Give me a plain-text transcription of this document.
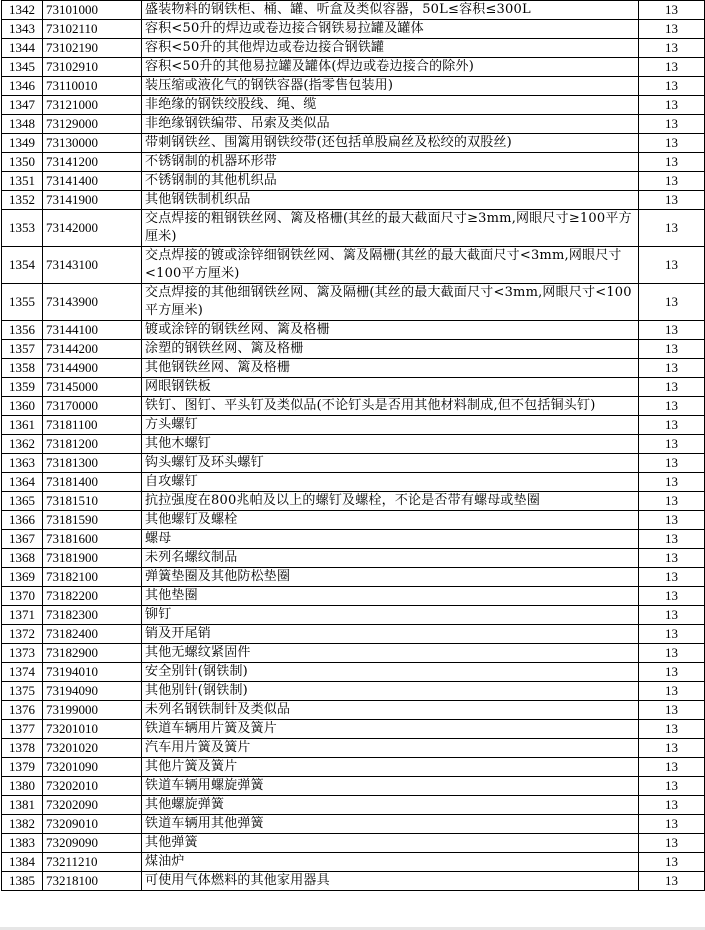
1342	73101000	盛装物料的钢铁柜、桶、罐、听盒及类似容器，50L≤容积≤300L	13
1343	73102110	容积<50升的焊边或卷边接合钢铁易拉罐及罐体	13
1344	73102190	容积<50升的其他焊边或卷边接合钢铁罐	13
1345	73102910	容积<50升的其他易拉罐及罐体(焊边或卷边接合的除外)	13
1346	73110010	装压缩或液化气的钢铁容器(指零售包装用)	13
1347	73121000	非绝缘的钢铁绞股线、绳、缆	13
1348	73129000	非绝缘钢铁编带、吊索及类似品	13
1349	73130000	带刺钢铁丝、围篱用钢铁绞带(还包括单股扁丝及松绞的双股丝)	13
1350	73141200	不锈钢制的机器环形带	13
1351	73141400	不锈钢制的其他机织品	13
1352	73141900	其他钢铁制机织品	13
1353	73142000	交点焊接的粗钢铁丝网、篱及格栅(其丝的最大截面尺寸≥3mm,网眼尺寸≥100平方厘米)	13
1354	73143100	交点焊接的镀或涂锌细钢铁丝网、篱及隔栅(其丝的最大截面尺寸<3mm,网眼尺寸<100平方厘米)	13
1355	73143900	交点焊接的其他细钢铁丝网、篱及隔栅(其丝的最大截面尺寸<3mm,网眼尺寸<100平方厘米)	13
1356	73144100	镀或涂锌的钢铁丝网、篱及格栅	13
1357	73144200	涂塑的钢铁丝网、篱及格栅	13
1358	73144900	其他钢铁丝网、篱及格栅	13
1359	73145000	网眼钢铁板	13
1360	73170000	铁钉、图钉、平头钉及类似品(不论钉头是否用其他材料制成,但不包括铜头钉)	13
1361	73181100	方头螺钉	13
1362	73181200	其他木螺钉	13
1363	73181300	钩头螺钉及环头螺钉	13
1364	73181400	自攻螺钉	13
1365	73181510	抗拉强度在800兆帕及以上的螺钉及螺栓，不论是否带有螺母或垫圈	13
1366	73181590	其他螺钉及螺栓	13
1367	73181600	螺母	13
1368	73181900	未列名螺纹制品	13
1369	73182100	弹簧垫圈及其他防松垫圈	13
1370	73182200	其他垫圈	13
1371	73182300	铆钉	13
1372	73182400	销及开尾销	13
1373	73182900	其他无螺纹紧固件	13
1374	73194010	安全别针(钢铁制)	13
1375	73194090	其他别针(钢铁制)	13
1376	73199000	未列名钢铁制针及类似品	13
1377	73201010	铁道车辆用片簧及簧片	13
1378	73201020	汽车用片簧及簧片	13
1379	73201090	其他片簧及簧片	13
1380	73202010	铁道车辆用螺旋弹簧	13
1381	73202090	其他螺旋弹簧	13
1382	73209010	铁道车辆用其他弹簧	13
1383	73209090	其他弹簧	13
1384	73211210	煤油炉	13
1385	73218100	可使用气体燃料的其他家用器具	13
